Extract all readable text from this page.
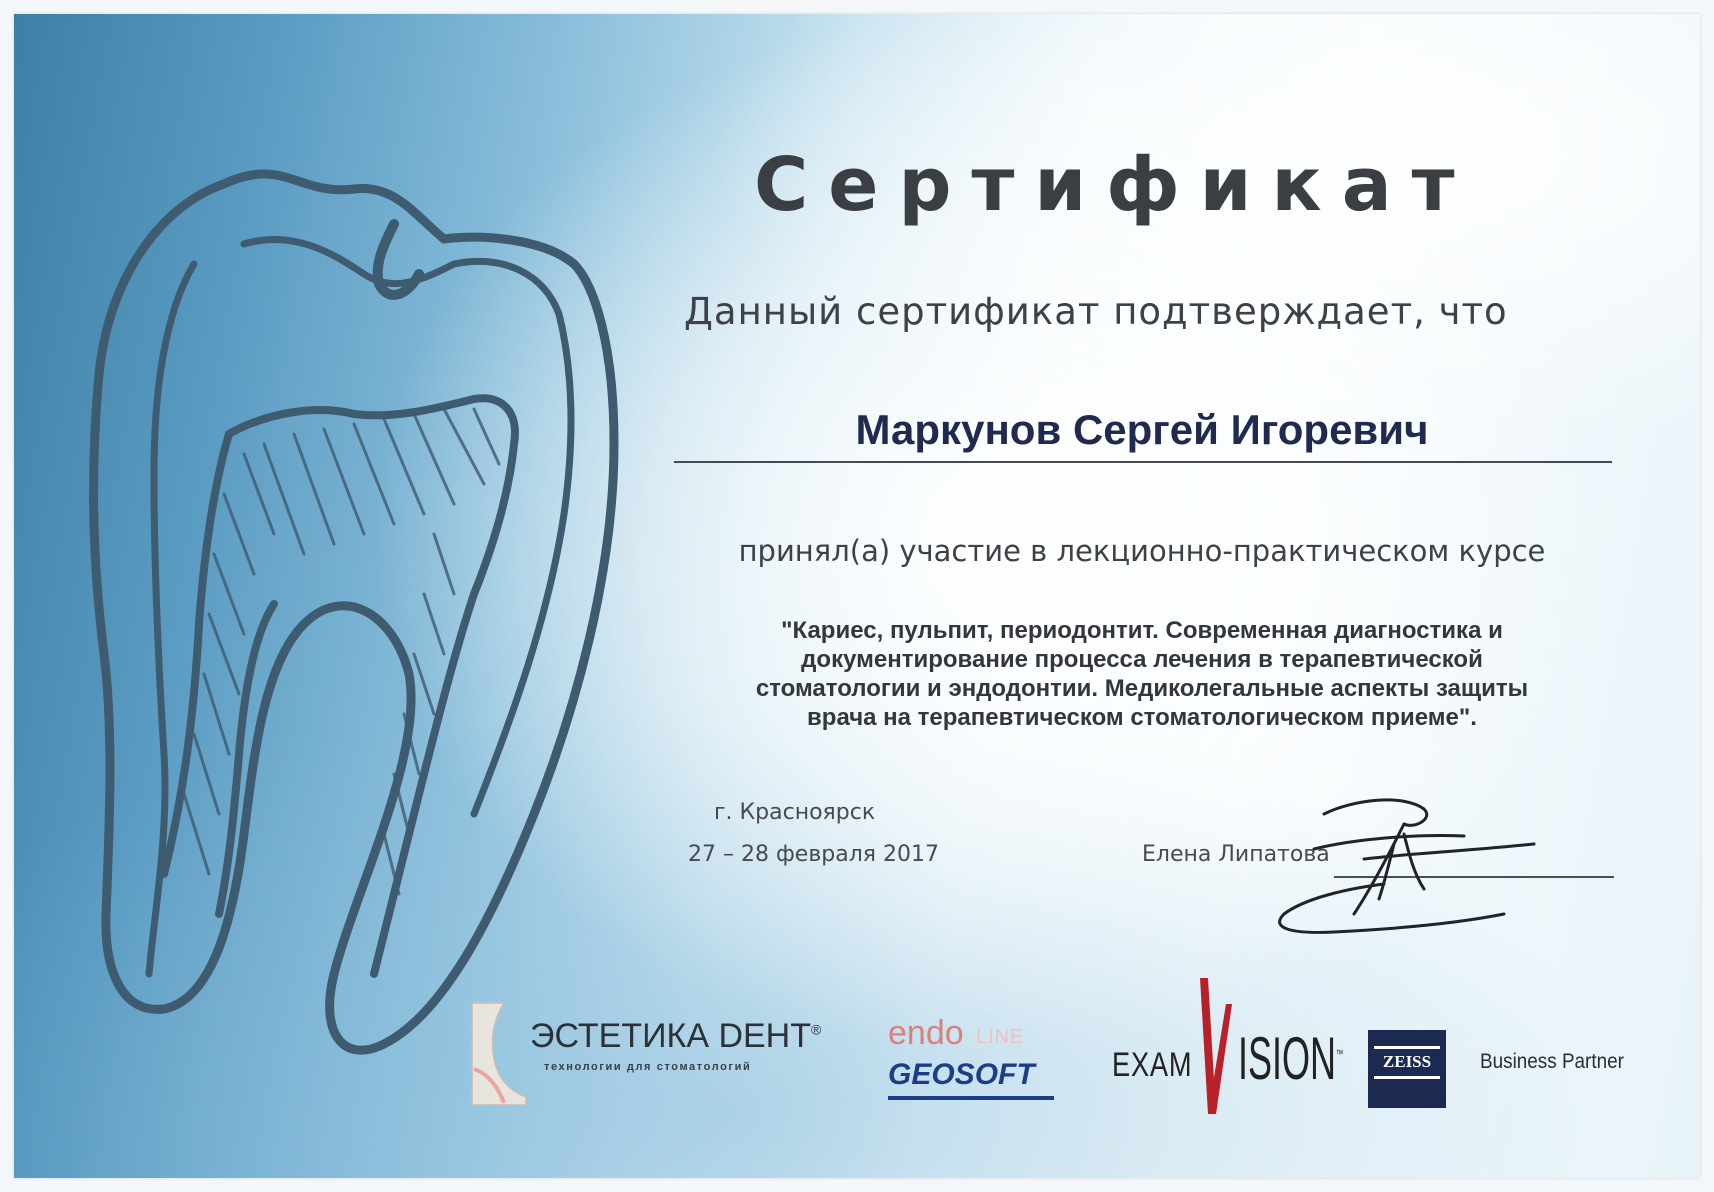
Сертификат
Данный сертификат подтверждает, что
Маркунов Сергей Игоревич
принял(а) участие в лекционно-практическом курсе
"Кариес, пульпит, периодонтит. Современная диагностика и
документирование процесса лечения в терапевтической
стоматологии и эндодонтии. Медиколегальные аспекты защиты
врача на терапевтическом стоматологическом приеме".
г. Красноярск
27 – 28 февраля 2017	Елена Липатова
ЭСТЕТИКА DЕНТ®
технологии для стоматологий
endo LINE
GEOSOFT EXAM ISION™	ZEISS	Business Partner
